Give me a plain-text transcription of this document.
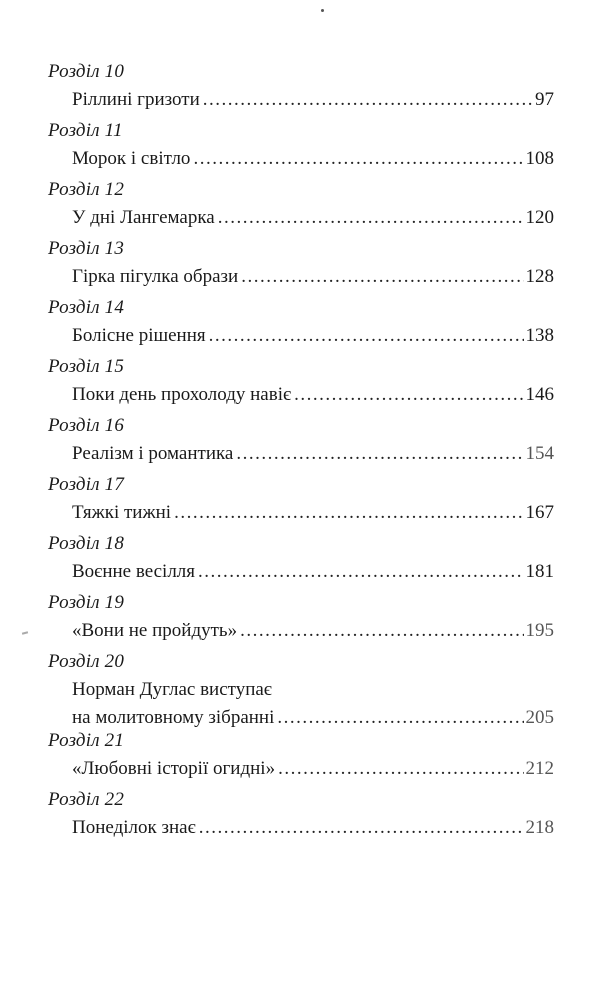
Розділ 10
Ріллині гризоти .....	97
Розділ 11
Морок і світло .....	108
Розділ 12
У дні Лангемарка .....	120
Розділ 13
Гірка пігулка образи .....	128
Розділ 14
Болісне рішення .....	138
Розділ 15
Поки день прохолоду навіє .....	146
Розділ 16
Реалізм і романтика .....	154
Розділ 17
Тяжкі тижні .....	167
Розділ 18
Воєнне весілля .....	181
Розділ 19
«Вони не пройдуть» .....	195
Розділ 20
Норман Дуглас виступає
на молитовному зібранні .....	205
Розділ 21
«Любовні історії огидні» .....	212
Розділ 22
Понеділок знає .....	218
